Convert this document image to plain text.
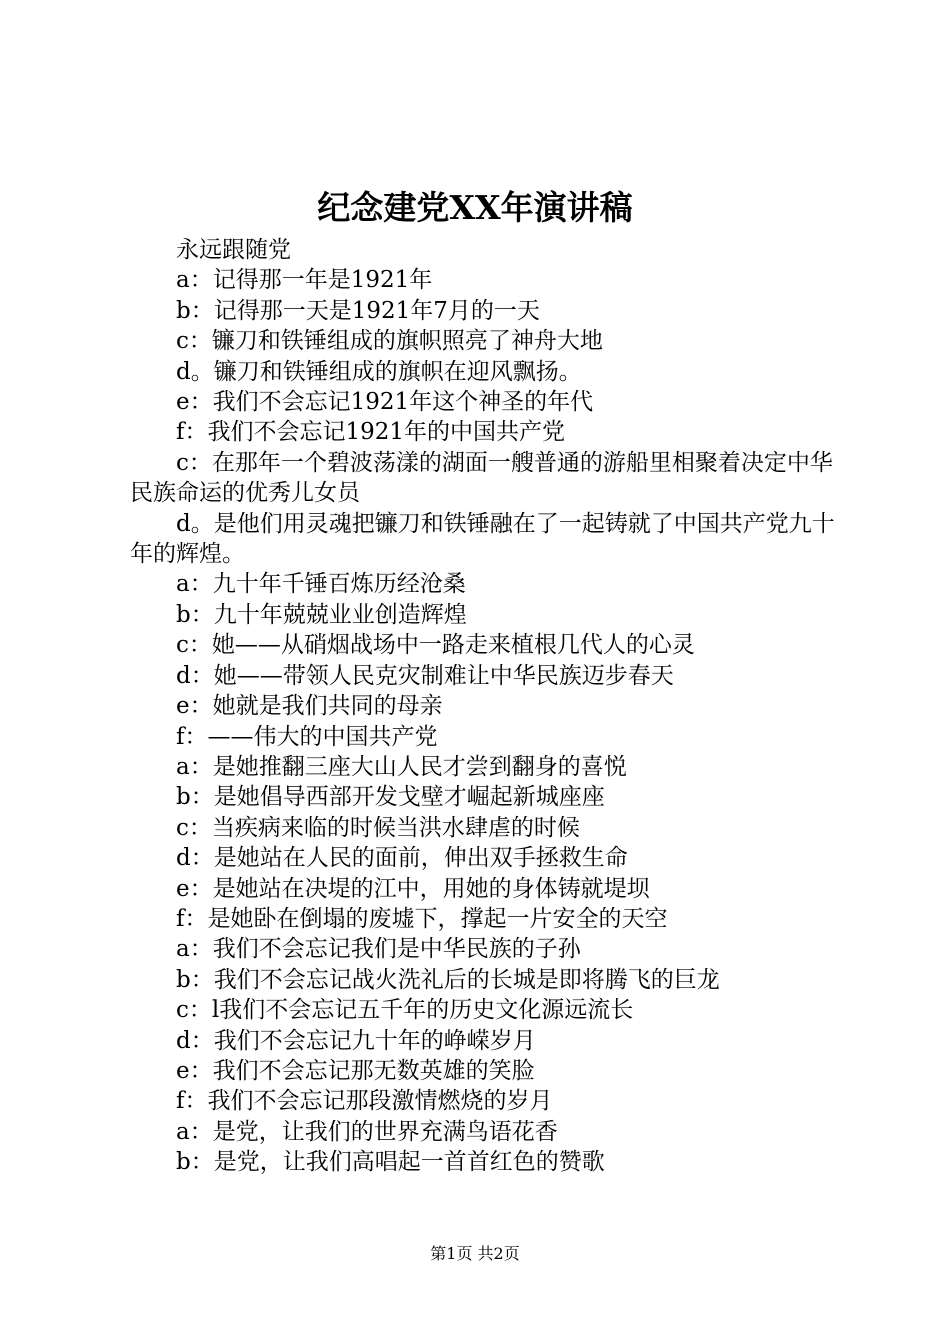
纪念建党XX年演讲稿

永远跟随党

a：记得那一年是1921年

b：记得那一天是1921年7月的一天

c：镰刀和铁锤组成的旗帜照亮了神舟大地

d。镰刀和铁锤组成的旗帜在迎风飘扬。

e：我们不会忘记1921年这个神圣的年代

f：我们不会忘记1921年的中国共产党

c：在那年一个碧波荡漾的湖面一艘普通的游船里相聚着决定中华民族命运的优秀儿女员

d。是他们用灵魂把镰刀和铁锤融在了一起铸就了中国共产党九十年的辉煌。

a：九十年千锤百炼历经沧桑

b：九十年兢兢业业创造辉煌

c：她——从硝烟战场中一路走来植根几代人的心灵

d：她——带领人民克灾制难让中华民族迈步春天

e：她就是我们共同的母亲

f：——伟大的中国共产党

a：是她推翻三座大山人民才尝到翻身的喜悦

b：是她倡导西部开发戈壁才崛起新城座座

c：当疾病来临的时候当洪水肆虐的时候

d：是她站在人民的面前，伸出双手拯救生命

e：是她站在决堤的江中，用她的身体铸就堤坝

f：是她卧在倒塌的废墟下，撑起一片安全的天空

a：我们不会忘记我们是中华民族的子孙

b：我们不会忘记战火洗礼后的长城是即将腾飞的巨龙

c：l我们不会忘记五千年的历史文化源远流长

d：我们不会忘记九十年的峥嵘岁月

e：我们不会忘记那无数英雄的笑脸

f：我们不会忘记那段激情燃烧的岁月

a：是党，让我们的世界充满鸟语花香

b：是党，让我们高唱起一首首红色的赞歌

第1页 共2页
